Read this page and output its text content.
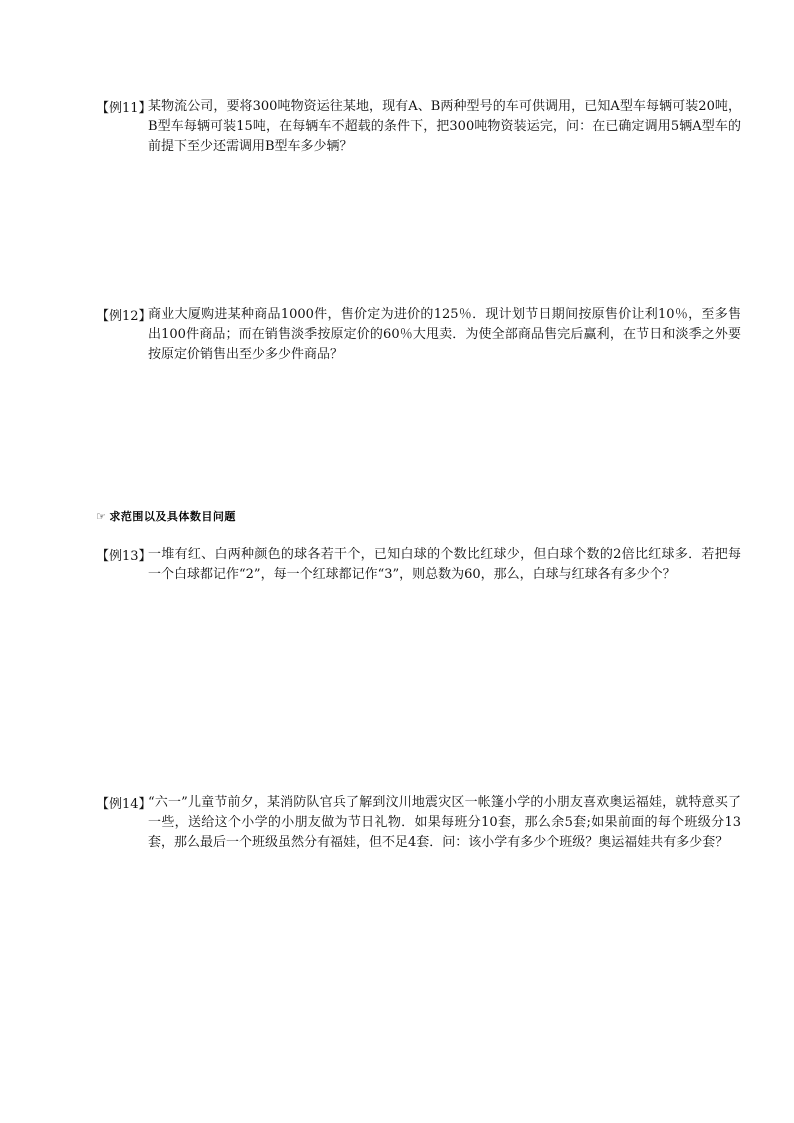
【例11】
某物流公司，要将300吨物资运往某地，现有A、B两种型号的车可供调用，已知A型车每辆可装20吨，B型车每辆可装15吨，在每辆车不超载的条件下，把300吨物资装运完，问：在已确定调用5辆A型车的前提下至少还需调用B型车多少辆？
【例12】
商业大厦购进某种商品1000件，售价定为进价的125％．现计划节日期间按原售价让利10％，至多售出100件商品；而在销售淡季按原定价的60％大甩卖．为使全部商品售完后赢利，在节日和淡季之外要按原定价销售出至少多少件商品？
☞ 求范围以及具体数目问题
【例13】
一堆有红、白两种颜色的球各若干个，已知白球的个数比红球少，但白球个数的2倍比红球多．若把每一个白球都记作“2”，每一个红球都记作“3”，则总数为60，那么，白球与红球各有多少个？
【例14】
“六一”儿童节前夕，某消防队官兵了解到汶川地震灾区一帐篷小学的小朋友喜欢奥运福娃，就特意买了一些，送给这个小学的小朋友做为节日礼物．如果每班分10套，那么余5套;如果前面的每个班级分13套，那么最后一个班级虽然分有福娃，但不足4套．问：该小学有多少个班级？奥运福娃共有多少套？
